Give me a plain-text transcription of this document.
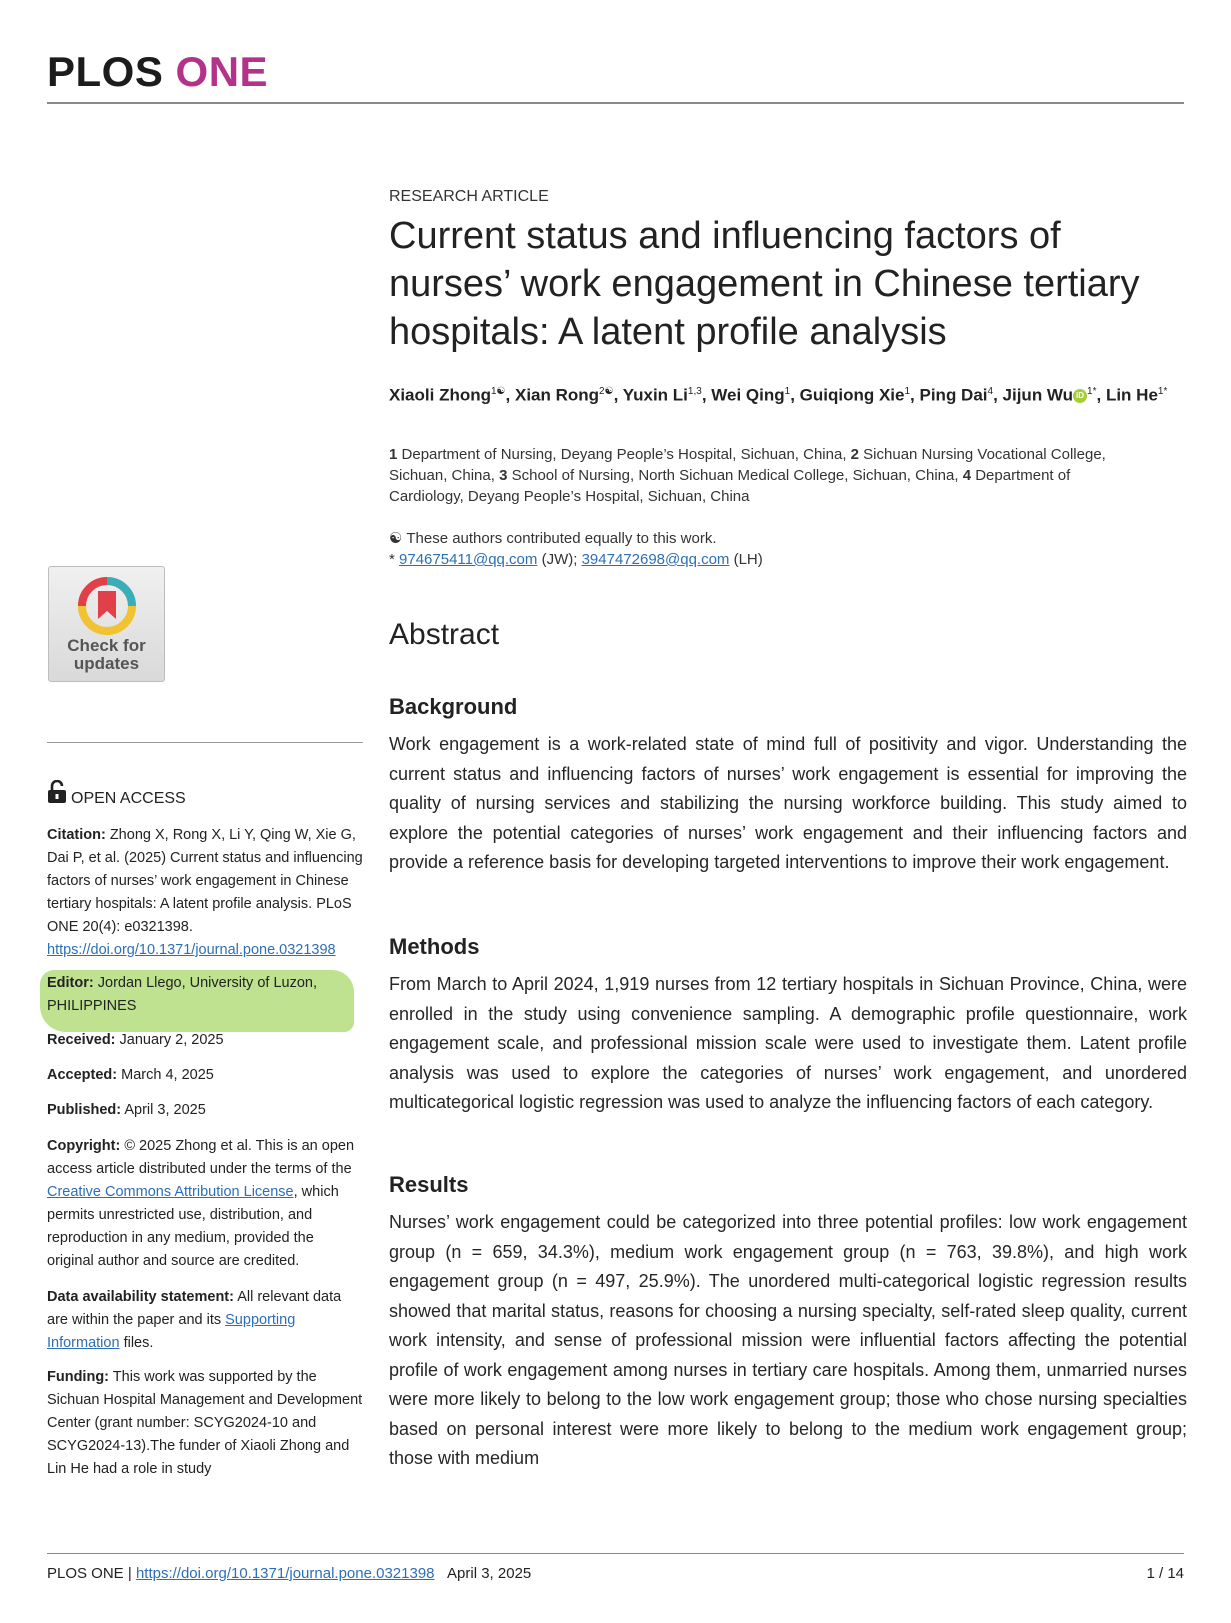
PLOS ONE
RESEARCH ARTICLE
Current status and influencing factors of nurses’ work engagement in Chinese tertiary hospitals: A latent profile analysis
Xiaoli Zhong$^{1☯}$, Xian Rong$^{2☯}$, Yuxin Li$^{1,3}$, Wei Qing$^1$, Guiqiong Xie$^1$, Ping Dai$^4$, Jijun Wu iD $^{1*}$, Lin $He^{1*}$
1 Department of Nursing, Deyang People’s Hospital, Sichuan, China, 2 Sichuan Nursing Vocational College, Sichuan, China, 3 School of Nursing, North Sichuan Medical College, Sichuan, China, 4 Department of Cardiology, Deyang People’s Hospital, Sichuan, China
☯ These authors contributed equally to this work.
* 974675411@qq.com (JW); 3947472698@qq.com (LH)
Abstract
Background

Work engagement is a work-related state of mind full of positivity and vigor. Understanding the current status and influencing factors of nurses’ work engagement is essential for improving the quality of nursing services and stabilizing the nursing workforce building. This study aimed to explore the potential categories of nurses’ work engagement and their influencing factors and provide a reference basis for developing targeted interventions to improve their work engagement.

Methods

From March to April 2024, 1,919 nurses from 12 tertiary hospitals in Sichuan Province, China, were enrolled in the study using convenience sampling. A demographic profile questionnaire, work engagement scale, and professional mission scale were used to investigate them. Latent profile analysis was used to explore the categories of nurses’ work engagement, and unordered multicategorical logistic regression was used to analyze the influencing factors of each category.

Results

Nurses’ work engagement could be categorized into three potential profiles: low work engagement group (n = 659, 34.3%), medium work engagement group (n = 763, 39.8%), and high work engagement group (n = 497, 25.9%). The unordered multi-categorical logistic regression results showed that marital status, reasons for choosing a nursing specialty, self-rated sleep quality, current work intensity, and sense of professional mission were influential factors affecting the potential profile of work engagement among nurses in tertiary care hospitals. Among them, unmarried nurses were more likely to belong to the low work engagement group; those who chose nursing specialties based on personal interest were more likely to belong to the medium work engagement group; those with medium

Check for
updates
OPEN ACCESS

Citation: Zhong X, Rong X, Li Y, Qing W, Xie G, Dai P, et al. (2025) Current status and influencing factors of nurses’ work engagement in Chinese tertiary hospitals: A latent profile analysis. PLoS ONE 20(4): e0321398. https://doi.org/10.1371/journal.pone.0321398

Editor: Jordan Llego, University of Luzon, PHILIPPINES

Received: January 2, 2025

Accepted: March 4, 2025

Published: April 3, 2025

Copyright: © 2025 Zhong et al. This is an open access article distributed under the terms of the Creative Commons Attribution License, which permits unrestricted use, distribution, and reproduction in any medium, provided the original author and source are credited.

Data availability statement: All relevant data are within the paper and its Supporting Information files.

Funding: This work was supported by the Sichuan Hospital Management and Development Center (grant number: SCYG2024-10 and SCYG2024-13).The funder of Xiaoli Zhong and Lin He had a role in study

PLOS ONE | https://doi.org/10.1371/journal.pone.0321398 April 3, 2025	1 / 14
